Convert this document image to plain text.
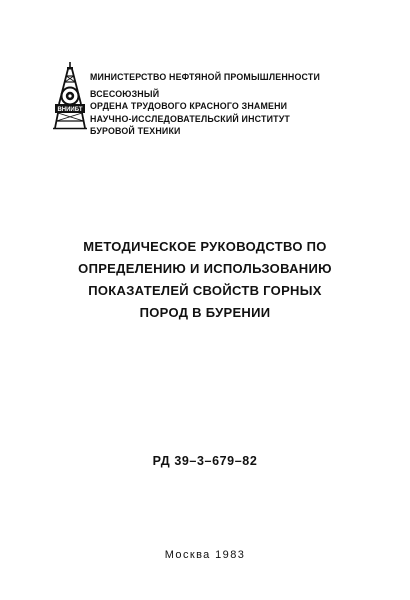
ВНИИБТ
МИНИСТЕРСТВО НЕФТЯНОЙ ПРОМЫШЛЕННОСТИ
ВСЕСОЮЗНЫЙ
ОРДЕНА ТРУДОВОГО КРАСНОГО ЗНАМЕНИ
НАУЧНО-ИССЛЕДОВАТЕЛЬСКИЙ ИНСТИТУТ
БУРОВОЙ ТЕХНИКИ
МЕТОДИЧЕСКОЕ РУКОВОДСТВО ПО
ОПРЕДЕЛЕНИЮ И ИСПОЛЬЗОВАНИЮ
ПОКАЗАТЕЛЕЙ СВОЙСТВ ГОРНЫХ
ПОРОД В БУРЕНИИ
РД 39–3–679–82
Москва 1983
